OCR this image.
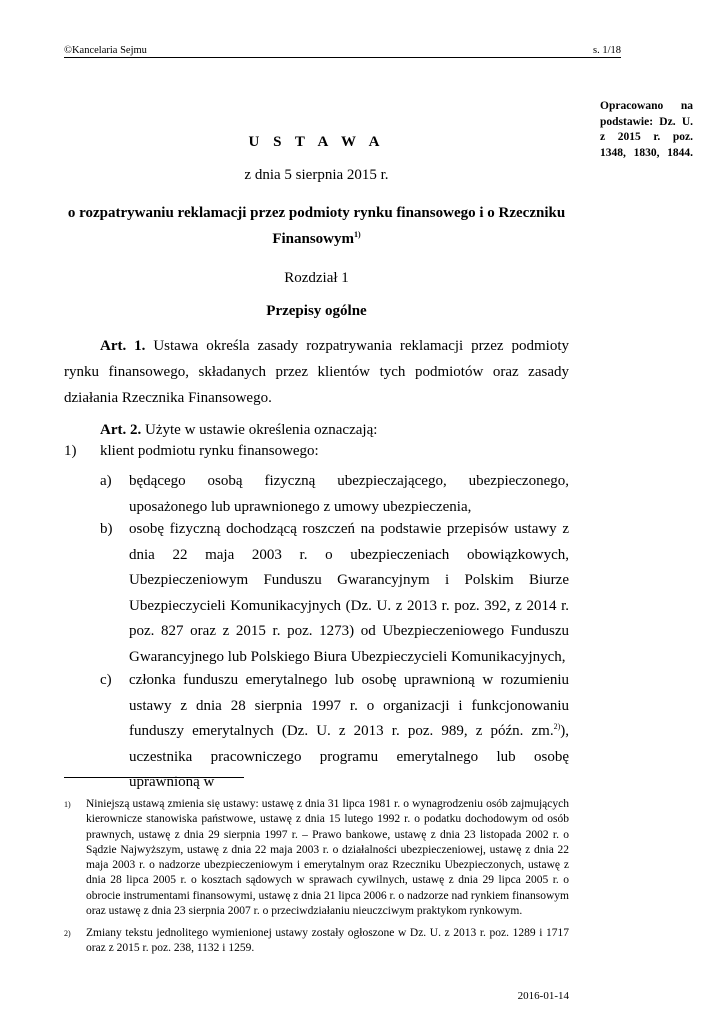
©Kancelaria Sejmu	s. 1/18
Opracowano na
podstawie: Dz. U.
z 2015 r. poz.
1348, 1830, 1844.
U S T A W A
z dnia 5 sierpnia 2015 r.
o rozpatrywaniu reklamacji przez podmioty rynku finansowego i o Rzeczniku
Finansowym$^{1)}$
Rozdział 1
Przepisy ogólne
Art. 1. Ustawa określa zasady rozpatrywania reklamacji przez podmioty rynku finansowego, składanych przez klientów tych podmiotów oraz zasady działania Rzecznika Finansowego.
Art. 2. Użyte w ustawie określenia oznaczają:
1) klient podmiotu rynku finansowego:
a) będącego osobą fizyczną ubezpieczającego, ubezpieczonego, uposażonego lub uprawnionego z umowy ubezpieczenia,
b) osobę fizyczną dochodzącą roszczeń na podstawie przepisów ustawy z dnia 22 maja 2003 r. o ubezpieczeniach obowiązkowych, Ubezpieczeniowym Funduszu Gwarancyjnym i Polskim Biurze Ubezpieczycieli Komunikacyjnych (Dz. U. z 2013 r. poz. 392, z 2014 r. poz. 827 oraz z 2015 r. poz. 1273) od Ubezpieczeniowego Funduszu Gwarancyjnego lub Polskiego Biura Ubezpieczycieli Komunikacyjnych,
c) członka funduszu emerytalnego lub osobę uprawnioną w rozumieniu ustawy z dnia 28 sierpnia 1997 r. o organizacji i funkcjonowaniu funduszy emerytalnych (Dz. U. z 2013 r. poz. 989, z późn. zm.$^{2)}$), uczestnika pracowniczego programu emerytalnego lub osobę uprawnioną w
1) Niniejszą ustawą zmienia się ustawy: ustawę z dnia 31 lipca 1981 r. o wynagrodzeniu osób zajmujących kierownicze stanowiska państwowe, ustawę z dnia 15 lutego 1992 r. o podatku dochodowym od osób prawnych, ustawę z dnia 29 sierpnia 1997 r. – Prawo bankowe, ustawę z dnia 23 listopada 2002 r. o Sądzie Najwyższym, ustawę z dnia 22 maja 2003 r. o działalności ubezpieczeniowej, ustawę z dnia 22 maja 2003 r. o nadzorze ubezpieczeniowym i emerytalnym oraz Rzeczniku Ubezpieczonych, ustawę z dnia 28 lipca 2005 r. o kosztach sądowych w sprawach cywilnych, ustawę z dnia 29 lipca 2005 r. o obrocie instrumentami finansowymi, ustawę z dnia 21 lipca 2006 r. o nadzorze nad rynkiem finansowym oraz ustawę z dnia 23 sierpnia 2007 r. o przeciwdziałaniu nieuczciwym praktykom rynkowym.
2) Zmiany tekstu jednolitego wymienionej ustawy zostały ogłoszone w Dz. U. z 2013 r. poz. 1289 i 1717 oraz z 2015 r. poz. 238, 1132 i 1259.
2016-01-14
